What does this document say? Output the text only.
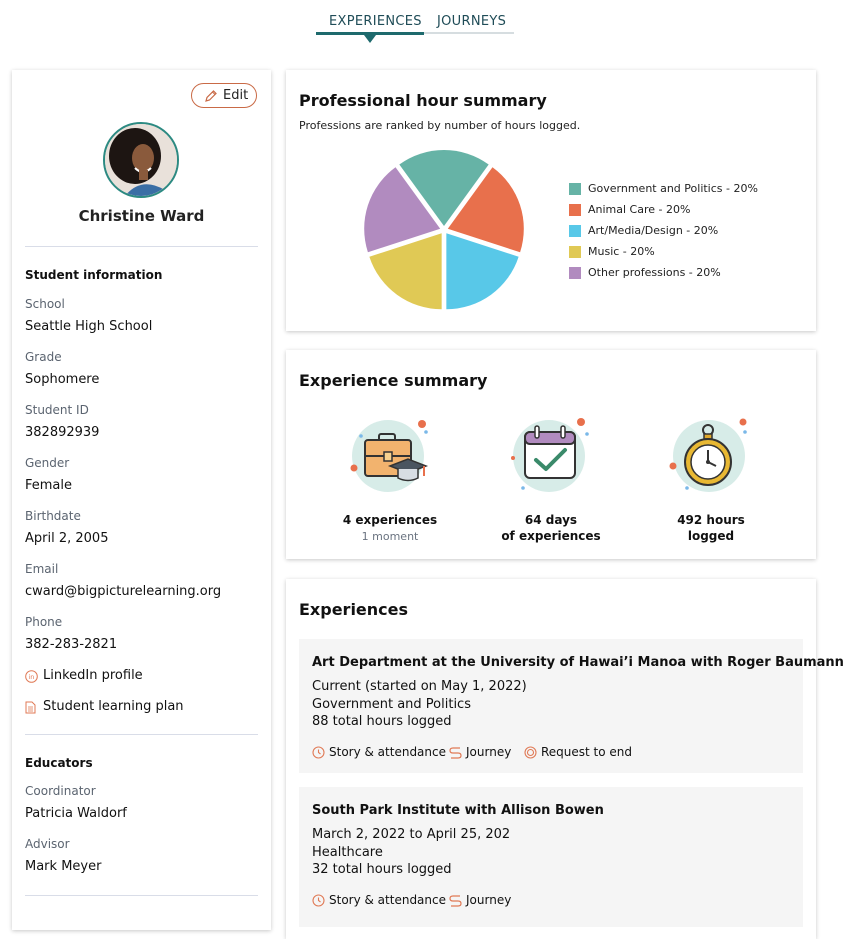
EXPERIENCES JOURNEYS
Edit
Christine Ward
Student information
School
Seattle High School
Grade
Sophomere
Student ID
382892939
Gender
Female
Birthdate
April 2, 2005
Email
cward@bigpicturelearning.org
Phone
382-283-2821
in LinkedIn profile
Student learning plan
Educators
Coordinator
Patricia Waldorf
Advisor
Mark Meyer
Professional hour summary
Professions are ranked by number of hours logged.
Government and Politics - 20%
Animal Care - 20%
Art/Media/Design - 20%
Music - 20%
Other professions - 20%
Experience summary
4 experiences
1 moment
64 days
of experiences
492 hours
logged
Experiences
Art Department at the University of Hawai’i Manoa with Roger Baumann
Current (started on May 1, 2022)
Government and Politics
88 total hours logged
Story & attendance Journey Request to end
South Park Institute with Allison Bowen
March 2, 2022 to April 25, 202
Healthcare
32 total hours logged
Story & attendance Journey
